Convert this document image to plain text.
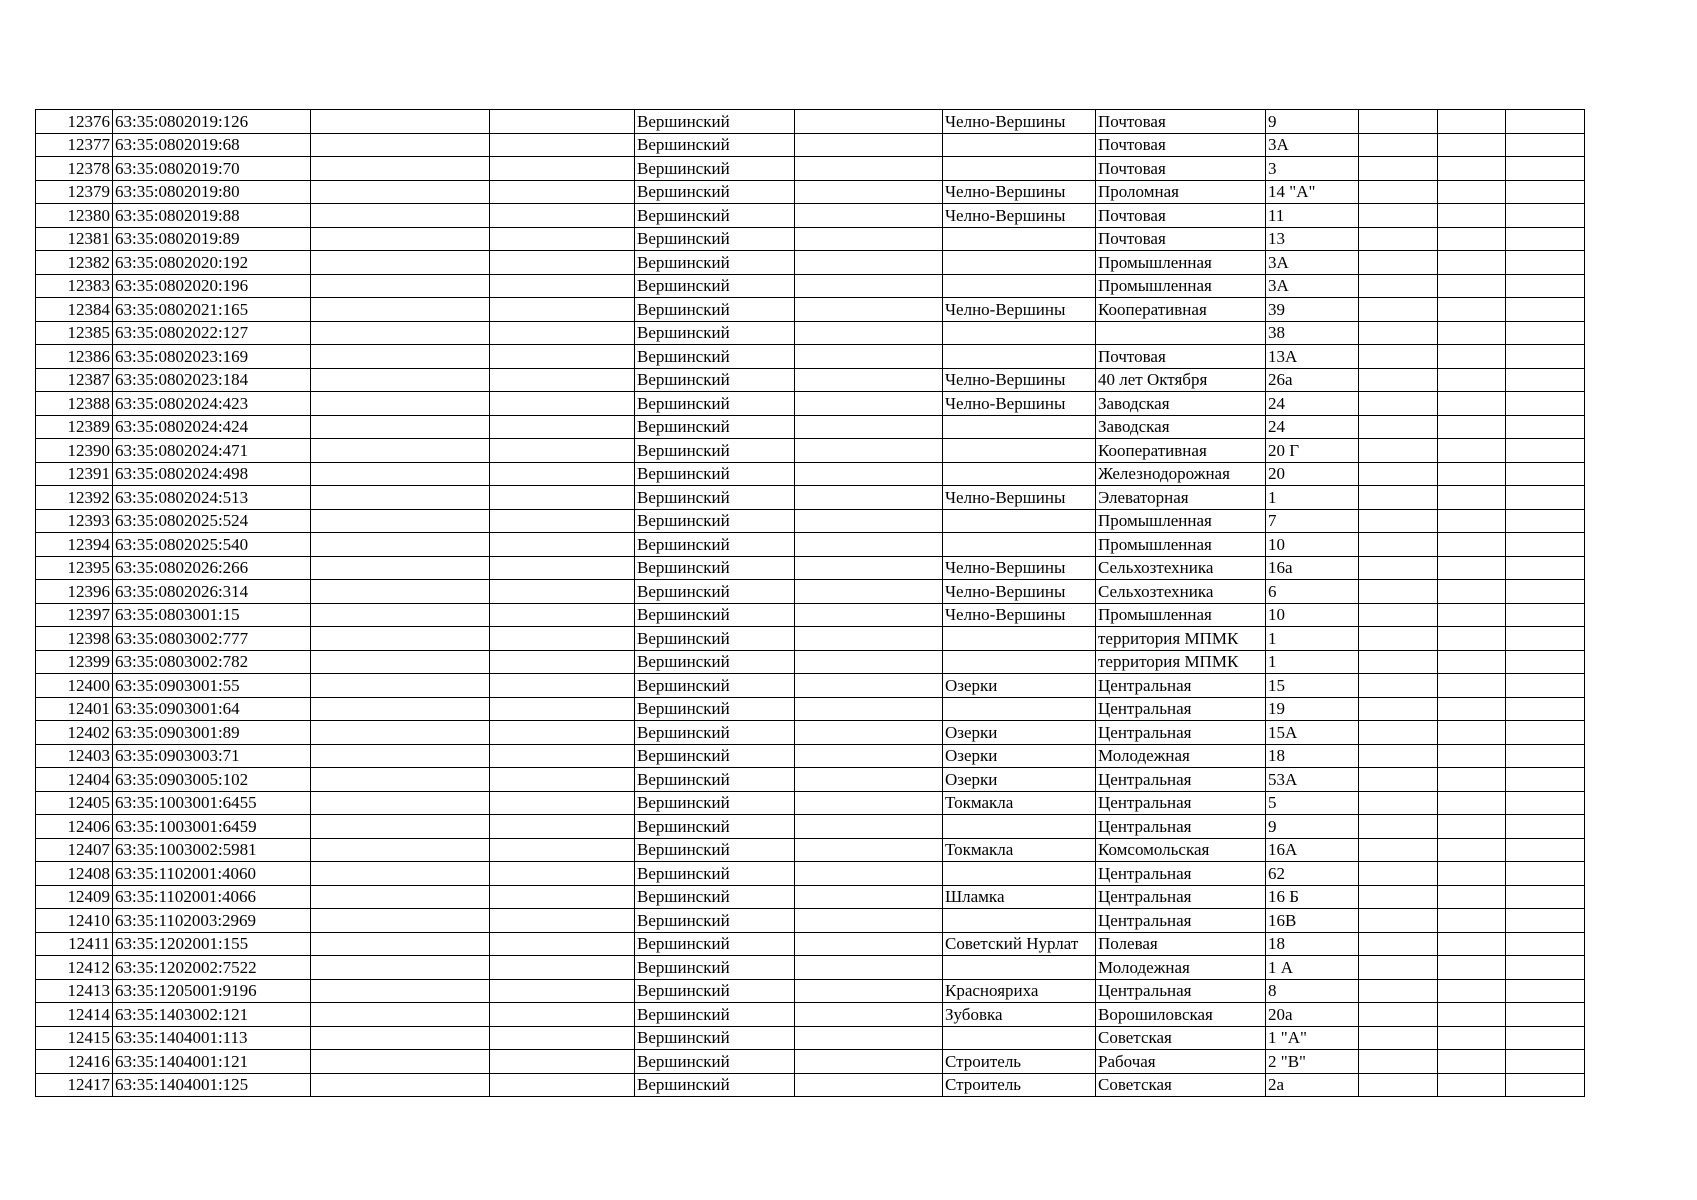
12376	63:35:0802019:126			Вершинский		Челно-Вершины	Почтовая	9			
12377	63:35:0802019:68			Вершинский			Почтовая	3А			
12378	63:35:0802019:70			Вершинский			Почтовая	3			
12379	63:35:0802019:80			Вершинский		Челно-Вершины	Проломная	14 "А"			
12380	63:35:0802019:88			Вершинский		Челно-Вершины	Почтовая	11			
12381	63:35:0802019:89			Вершинский			Почтовая	13			
12382	63:35:0802020:192			Вершинский			Промышленная	3А			
12383	63:35:0802020:196			Вершинский			Промышленная	3А			
12384	63:35:0802021:165			Вершинский		Челно-Вершины	Кооперативная	39			
12385	63:35:0802022:127			Вершинский				38			
12386	63:35:0802023:169			Вершинский			Почтовая	13А			
12387	63:35:0802023:184			Вершинский		Челно-Вершины	40 лет Октября	26а			
12388	63:35:0802024:423			Вершинский		Челно-Вершины	Заводская	24			
12389	63:35:0802024:424			Вершинский			Заводская	24			
12390	63:35:0802024:471			Вершинский			Кооперативная	20 Г			
12391	63:35:0802024:498			Вершинский			Железнодорожная	20			
12392	63:35:0802024:513			Вершинский		Челно-Вершины	Элеваторная	1			
12393	63:35:0802025:524			Вершинский			Промышленная	7			
12394	63:35:0802025:540			Вершинский			Промышленная	10			
12395	63:35:0802026:266			Вершинский		Челно-Вершины	Сельхозтехника	16а			
12396	63:35:0802026:314			Вершинский		Челно-Вершины	Сельхозтехника	6			
12397	63:35:0803001:15			Вершинский		Челно-Вершины	Промышленная	10			
12398	63:35:0803002:777			Вершинский			территория МПМК	1			
12399	63:35:0803002:782			Вершинский			территория МПМК	1			
12400	63:35:0903001:55			Вершинский		Озерки	Центральная	15			
12401	63:35:0903001:64			Вершинский			Центральная	19			
12402	63:35:0903001:89			Вершинский		Озерки	Центральная	15А			
12403	63:35:0903003:71			Вершинский		Озерки	Молодежная	18			
12404	63:35:0903005:102			Вершинский		Озерки	Центральная	53А			
12405	63:35:1003001:6455			Вершинский		Токмакла	Центральная	5			
12406	63:35:1003001:6459			Вершинский			Центральная	9			
12407	63:35:1003002:5981			Вершинский		Токмакла	Комсомольская	16А			
12408	63:35:1102001:4060			Вершинский			Центральная	62			
12409	63:35:1102001:4066			Вершинский		Шламка	Центральная	16 Б			
12410	63:35:1102003:2969			Вершинский			Центральная	16В			
12411	63:35:1202001:155			Вершинский		Советский Нурлат	Полевая	18			
12412	63:35:1202002:7522			Вершинский			Молодежная	1 А			
12413	63:35:1205001:9196			Вершинский		Краснояриха	Центральная	8			
12414	63:35:1403002:121			Вершинский		Зубовка	Ворошиловская	20а			
12415	63:35:1404001:113			Вершинский			Советская	1 "А"			
12416	63:35:1404001:121			Вершинский		Строитель	Рабочая	2 "В"			
12417	63:35:1404001:125			Вершинский		Строитель	Советская	2а			
